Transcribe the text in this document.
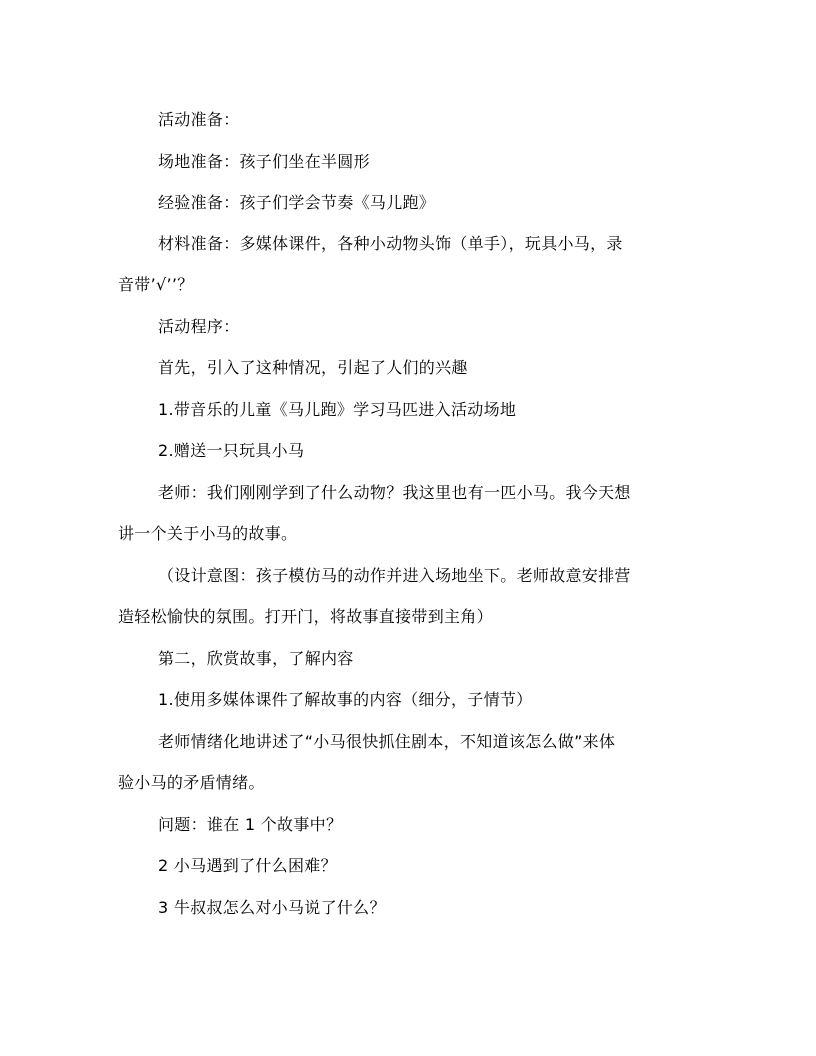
活动准备：
场地准备：孩子们坐在半圆形
经验准备：孩子们学会节奏《马儿跑》
材料准备：多媒体课件，各种小动物头饰（单手），玩具小马，录
音带’√’’？
活动程序：
首先，引入了这种情况，引起了人们的兴趣
1.带音乐的儿童《马儿跑》学习马匹进入活动场地
2.赠送一只玩具小马
老师：我们刚刚学到了什么动物？我这里也有一匹小马。我今天想
讲一个关于小马的故事。
（设计意图：孩子模仿马的动作并进入场地坐下。老师故意安排营
造轻松愉快的氛围。打开门，将故事直接带到主角）
第二，欣赏故事，了解内容
1.使用多媒体课件了解故事的内容（细分，子情节）
老师情绪化地讲述了“小马很快抓住剧本，不知道该怎么做”来体
验小马的矛盾情绪。
问题：谁在 1 个故事中？
2 小马遇到了什么困难？
3 牛叔叔怎么对小马说了什么？
